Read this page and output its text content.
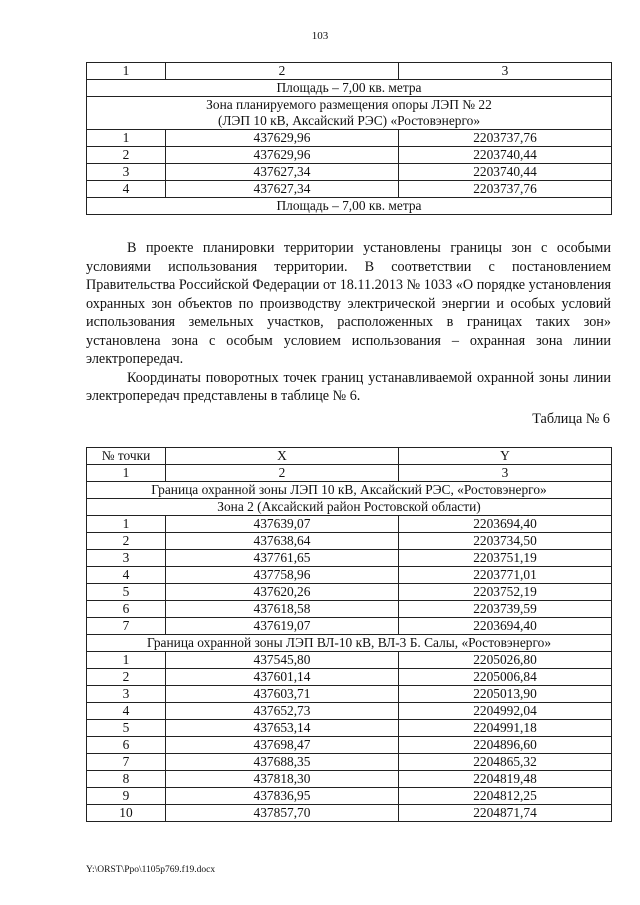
103
1	2	3
Площадь – 7,00 кв. метра		

Зона планируемого размещения опоры ЛЭП № 22
(ЛЭП 10 кВ, Аксайский РЭС) «Ростовэнерго»		

1	437629,96	2203737,76
2	437629,96	2203740,44
3	437627,34	2203740,44
4	437627,34	2203737,76
Площадь – 7,00 кв. метра		

В проекте планировки территории установлены границы зон с особыми условиями использования территории. В соответствии с постановлением Правительства Российской Федерации от 18.11.2013 № 1033 «О порядке установления охранных зон объектов по производству электрической энергии и особых условий использования земельных участков, расположенных в границах таких зон» установлена зона с особым условием использования – охранная зона линии электропередач.

Координаты поворотных точек границ устанавливаемой охранной зоны линии электропередач представлены в таблице № 6.

Таблица № 6
№ точки	X	Y
1	2	3
Граница охранной зоны ЛЭП 10 кВ, Аксайский РЭС, «Ростовэнерго»		
Зона 2 (Аксайский район Ростовской области)		
1	437639,07	2203694,40
2	437638,64	2203734,50
3	437761,65	2203751,19
4	437758,96	2203771,01
5	437620,26	2203752,19
6	437618,58	2203739,59
7	437619,07	2203694,40
Граница охранной зоны ЛЭП ВЛ-10 кВ, ВЛ-3 Б. Салы, «Ростовэнерго»		
1	437545,80	2205026,80
2	437601,14	2205006,84
3	437603,71	2205013,90
4	437652,73	2204992,04
5	437653,14	2204991,18
6	437698,47	2204896,60
7	437688,35	2204865,32
8	437818,30	2204819,48
9	437836,95	2204812,25
10	437857,70	2204871,74
Y:\ORST\Ppo\1105p769.f19.docx
